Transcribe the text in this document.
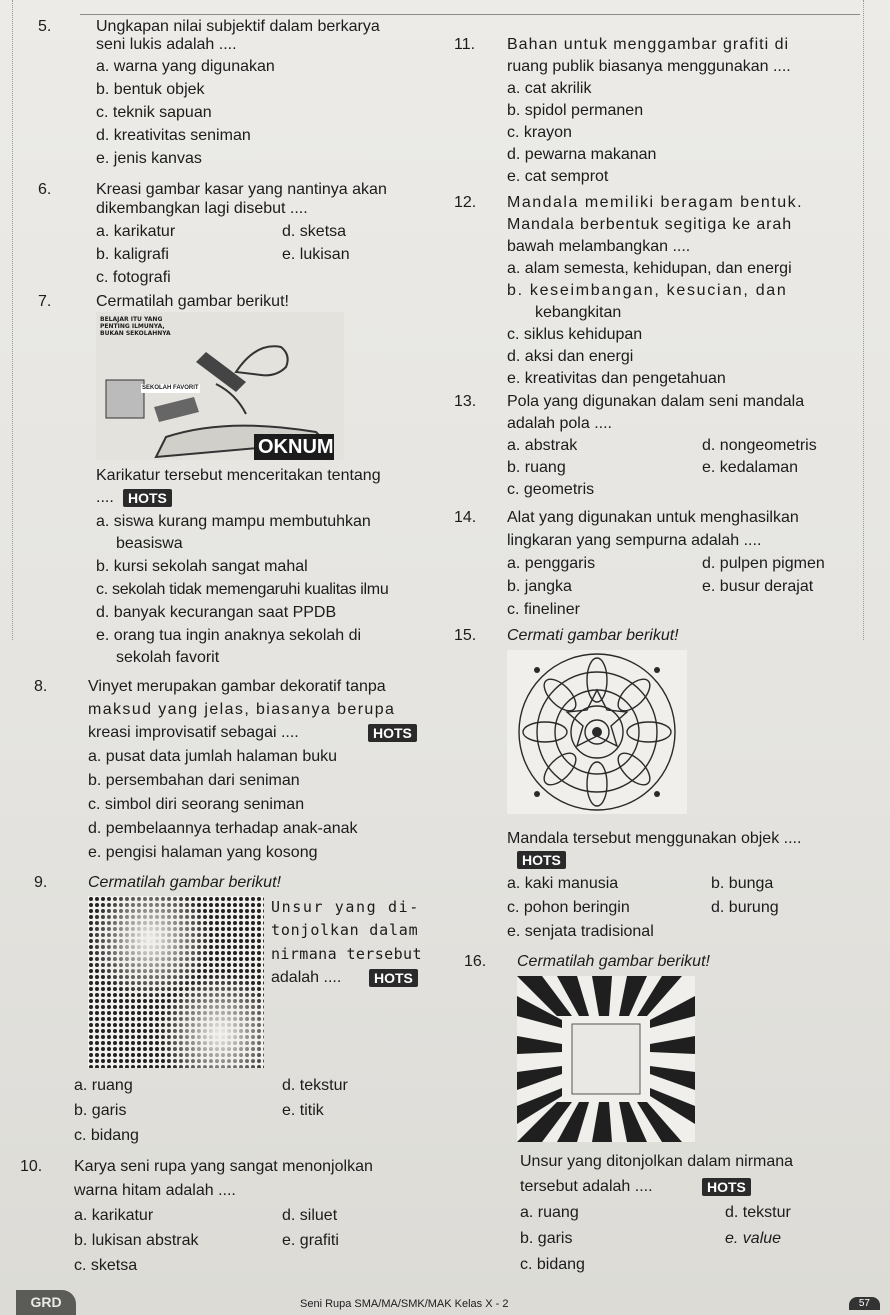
5.	Ungkapan nilai subjektif dalam berkarya
seni lukis adalah ....
a. warna yang digunakan
b. bentuk objek
c. teknik sapuan
d. kreativitas seniman
e. jenis kanvas
6.	Kreasi gambar kasar yang nantinya akan
dikembangkan lagi disebut ....
a. karikatur
b. kaligrafi
c. fotografi
d. sketsa
e. lukisan
7.	Cermatilah gambar berikut!
BELAJAR ITU YANG PENTING ILMUNYA, BUKAN SEKOLAHNYA
SEKOLAH FAVORIT
OKNUM
Karikatur tersebut menceritakan tentang
....	HOTS
a. siswa kurang mampu membutuhkan
beasiswa
b. kursi sekolah sangat mahal
c. sekolah tidak memengaruhi kualitas ilmu
d. banyak kecurangan saat PPDB
e. orang tua ingin anaknya sekolah di
sekolah favorit
8.	Vinyet merupakan gambar dekoratif tanpa
maksud yang jelas, biasanya berupa
kreasi improvisatif sebagai ....	HOTS
a. pusat data jumlah halaman buku
b. persembahan dari seniman
c. simbol diri seorang seniman
d. pembelaannya terhadap anak-anak
e. pengisi halaman yang kosong
9.	Cermatilah gambar berikut!
Unsur yang di-
tonjolkan dalam
nirmana tersebut
adalah ....	HOTS
a. ruang
b. garis
c. bidang
d. tekstur
e. titik
10. Karya seni rupa yang sangat menonjolkan
warna hitam adalah ....
a. karikatur
b. lukisan abstrak
c. sketsa
d. siluet
e. grafiti
11. Bahan untuk menggambar grafiti di
ruang publik biasanya menggunakan ....
a. cat akrilik
b. spidol permanen
c. krayon
d. pewarna makanan
e. cat semprot
12. Mandala memiliki beragam bentuk.
Mandala berbentuk segitiga ke arah
bawah melambangkan ....
a. alam semesta, kehidupan, dan energi
b. keseimbangan, kesucian, dan
kebangkitan
c. siklus kehidupan
d. aksi dan energi
e. kreativitas dan pengetahuan
13. Pola yang digunakan dalam seni mandala
adalah pola ....
a. abstrak
b. ruang
c. geometris
d. nongeometris
e. kedalaman
14. Alat yang digunakan untuk menghasilkan
lingkaran yang sempurna adalah ....
a. penggaris
b. jangka
c. fineliner
d. pulpen pigmen
e. busur derajat
15. Cermati gambar berikut!
Mandala tersebut menggunakan objek ....
HOTS
a. kaki manusia
c. pohon beringin
e. senjata tradisional
b. bunga
d. burung
16. Cermatilah gambar berikut!
Unsur yang ditonjolkan dalam nirmana
tersebut adalah ....	HOTS
a. ruang
b. garis
c. bidang
d. tekstur
e. value
GRD	Seni Rupa SMA/MA/SMK/MAK Kelas X - 2	57
